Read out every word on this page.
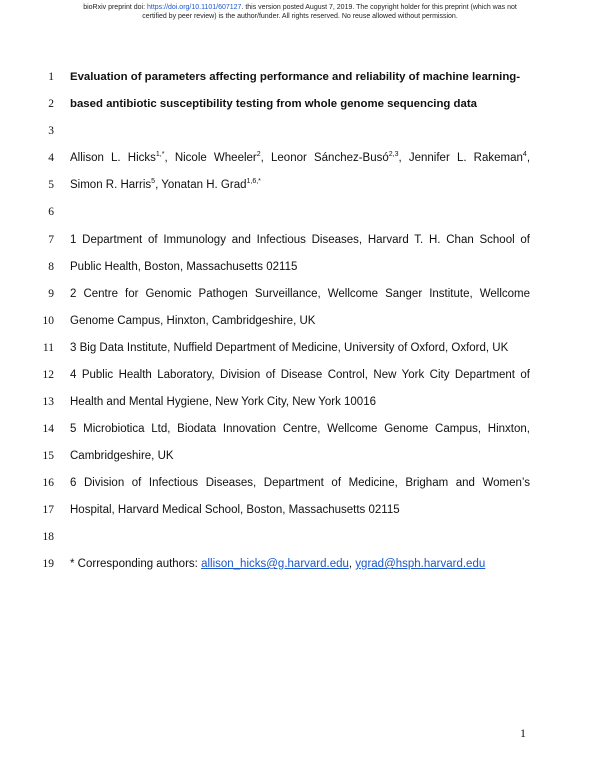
bioRxiv preprint doi: https://doi.org/10.1101/607127. this version posted August 7, 2019. The copyright holder for this preprint (which was not
certified by peer review) is the author/funder. All rights reserved. No reuse allowed without permission.
1 Evaluation of parameters affecting performance and reliability of machine learning-
2 based antibiotic susceptibility testing from whole genome sequencing data
3
4 Allison L. Hicks$^{1,*}$, Nicole Wheeler$^2$, Leonor Sánchez-Busó$^{2,3}$, Jennifer L. Rakeman$^4$,
5 Simon R. Harris$^5$, Yonatan H. Grad$^{1,6,*}$
6
7 1 Department of Immunology and Infectious Diseases, Harvard T. H. Chan School of
8 Public Health, Boston, Massachusetts 02115
9 2 Centre for Genomic Pathogen Surveillance, Wellcome Sanger Institute, Wellcome
10 Genome Campus, Hinxton, Cambridgeshire, UK
11 3 Big Data Institute, Nuffield Department of Medicine, University of Oxford, Oxford, UK
12 4 Public Health Laboratory, Division of Disease Control, New York City Department of
13 Health and Mental Hygiene, New York City, New York 10016
14 5 Microbiotica Ltd, Biodata Innovation Centre, Wellcome Genome Campus, Hinxton,
15 Cambridgeshire, UK
16 6 Division of Infectious Diseases, Department of Medicine, Brigham and Women’s
17 Hospital, Harvard Medical School, Boston, Massachusetts 02115
18
19 * Corresponding authors: allison_hicks@g.harvard.edu, ygrad@hsph.harvard.edu
1
